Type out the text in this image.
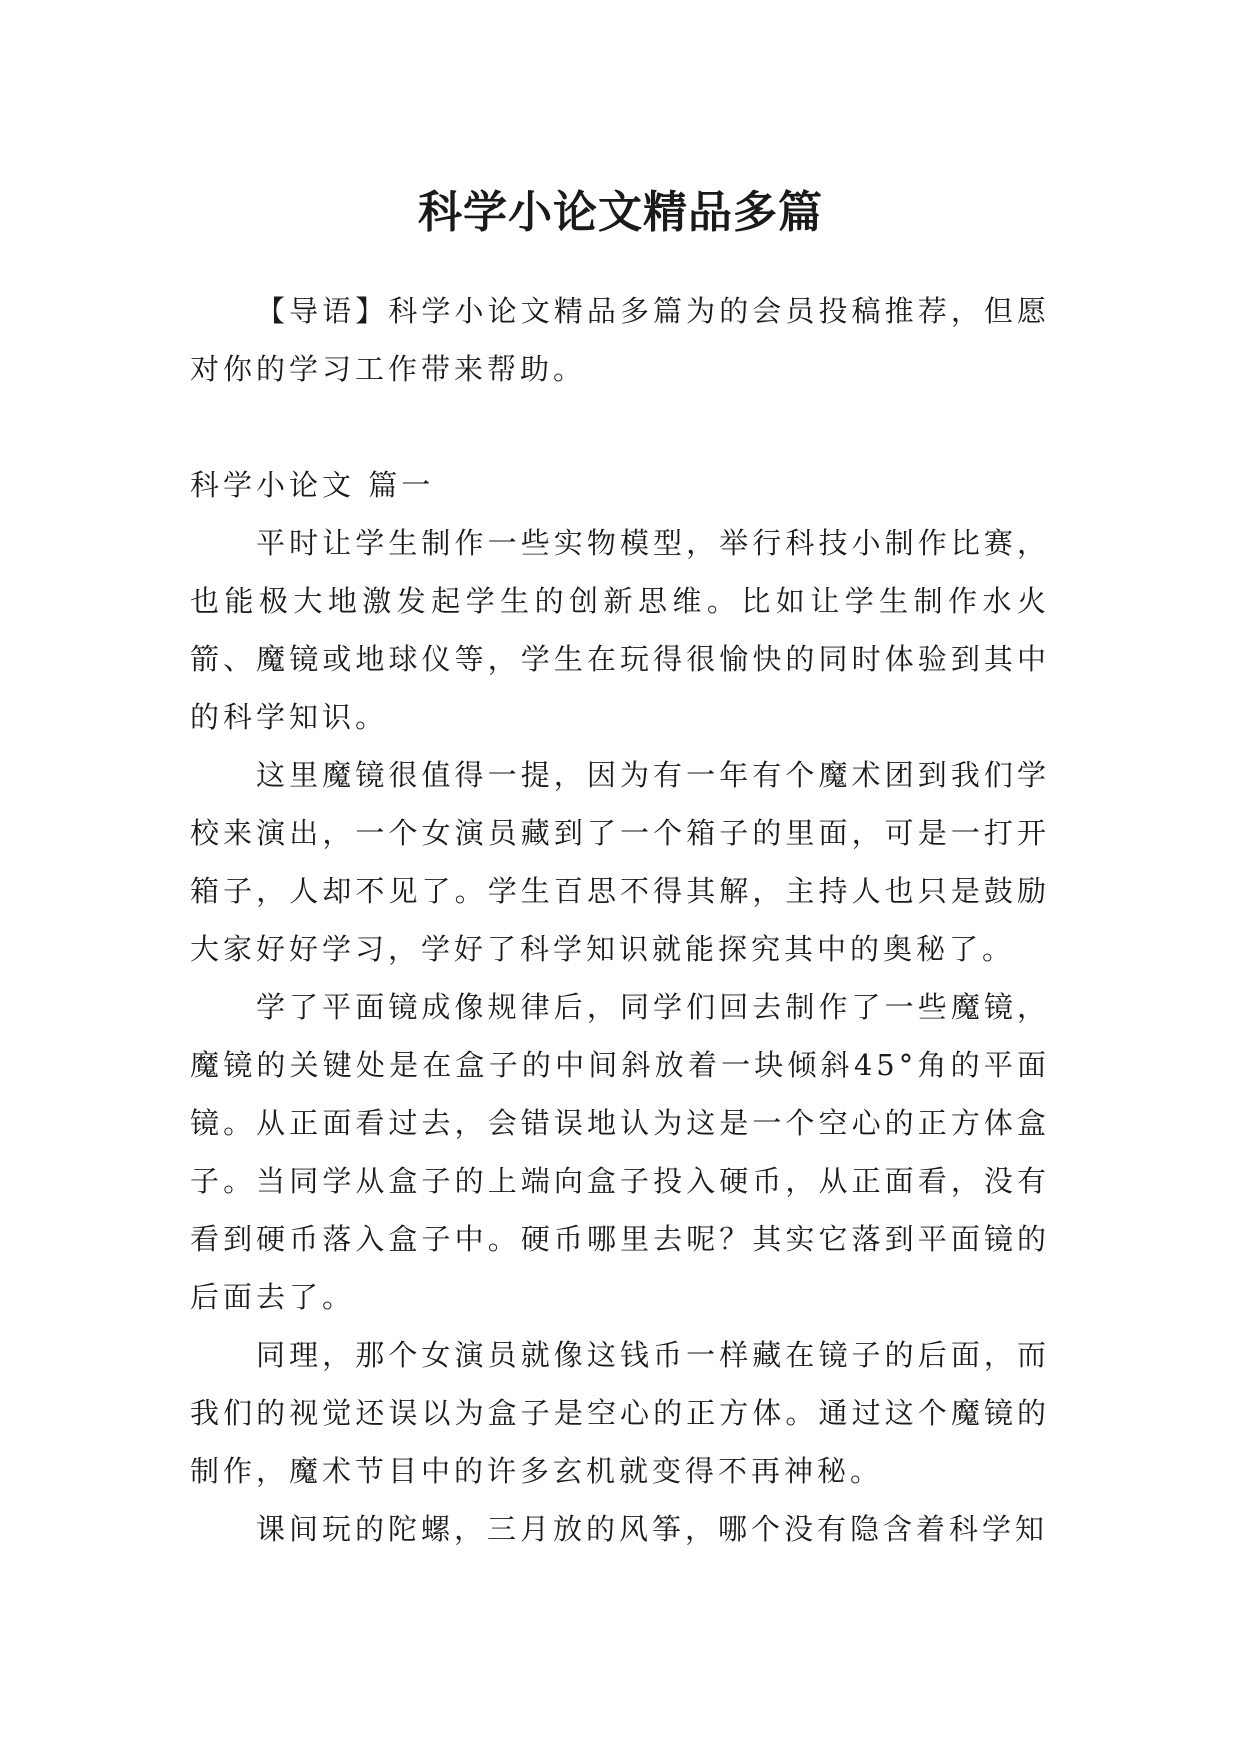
科学小论文精品多篇

【导语】科学小论文精品多篇为的会员投稿推荐，但愿对你的学习工作带来帮助。

科学小论文 篇一

平时让学生制作一些实物模型，举行科技小制作比赛，也能极大地激发起学生的创新思维。比如让学生制作水火箭、魔镜或地球仪等，学生在玩得很愉快的同时体验到其中的科学知识。

这里魔镜很值得一提，因为有一年有个魔术团到我们学校来演出，一个女演员藏到了一个箱子的里面，可是一打开箱子，人却不见了。学生百思不得其解，主持人也只是鼓励大家好好学习，学好了科学知识就能探究其中的奥秘了。

学了平面镜成像规律后，同学们回去制作了一些魔镜，魔镜的关键处是在盒子的中间斜放着一块倾斜45°角的平面镜。从正面看过去，会错误地认为这是一个空心的正方体盒子。当同学从盒子的上端向盒子投入硬币，从正面看，没有看到硬币落入盒子中。硬币哪里去呢？其实它落到平面镜的后面去了。

同理，那个女演员就像这钱币一样藏在镜子的后面，而我们的视觉还误以为盒子是空心的正方体。通过这个魔镜的制作，魔术节目中的许多玄机就变得不再神秘。

课间玩的陀螺，三月放的风筝，哪个没有隐含着科学知
